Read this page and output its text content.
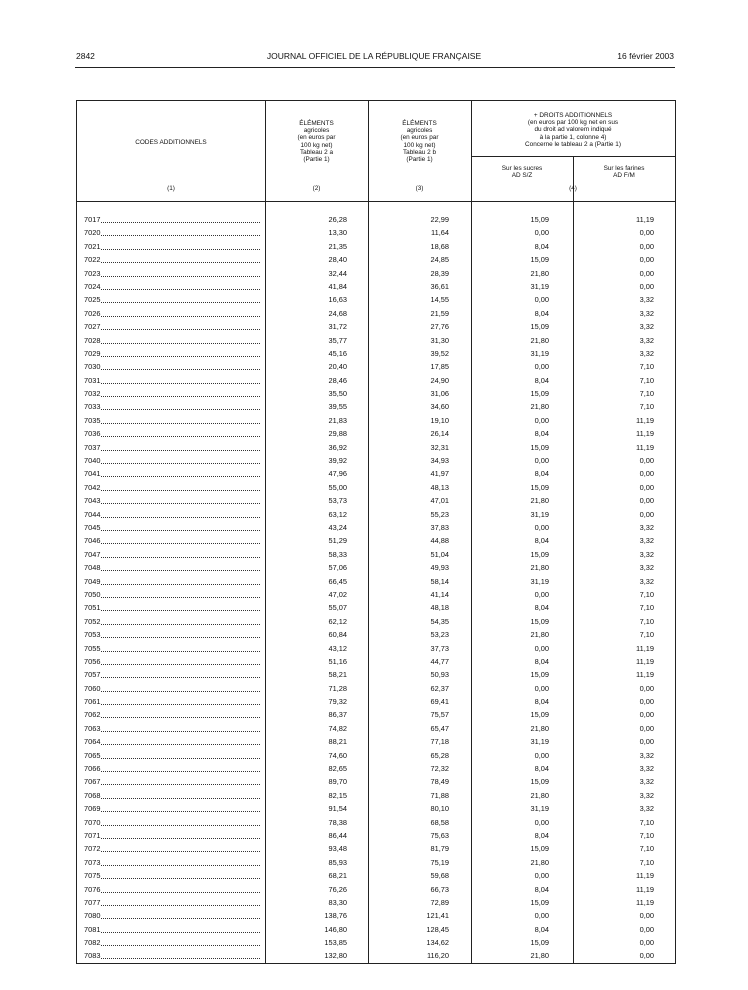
2842	JOURNAL OFFICIEL DE LA RÉPUBLIQUE FRANÇAISE	16 février 2003
CODES ADDITIONNELS
ÉLÉMENTS
agricoles
(en euros par
100 kg net)
Tableau 2 a
(Partie 1)
ÉLÉMENTS
agricoles
(en euros par
100 kg net)
Tableau 2 b
(Partie 1)
+ DROITS ADDITIONNELS
(en euros par 100 kg net en sus
du droit ad valorem indiqué
à la partie 1, colonne 4)
Concerne le tableau 2 a (Partie 1)
Sur les sucres
AD S/Z
Sur les farines
AD F/M
(1)	(2)	(3)	(4)
7017	26,28	22,99	15,09	11,19
7020	13,30	11,64	0,00	0,00
7021	21,35	18,68	8,04	0,00
7022	28,40	24,85	15,09	0,00
7023	32,44	28,39	21,80	0,00
7024	41,84	36,61	31,19	0,00
7025	16,63	14,55	0,00	3,32
7026	24,68	21,59	8,04	3,32
7027	31,72	27,76	15,09	3,32
7028	35,77	31,30	21,80	3,32
7029	45,16	39,52	31,19	3,32
7030	20,40	17,85	0,00	7,10
7031	28,46	24,90	8,04	7,10
7032	35,50	31,06	15,09	7,10
7033	39,55	34,60	21,80	7,10
7035	21,83	19,10	0,00	11,19
7036	29,88	26,14	8,04	11,19
7037	36,92	32,31	15,09	11,19
7040	39,92	34,93	0,00	0,00
7041	47,96	41,97	8,04	0,00
7042	55,00	48,13	15,09	0,00
7043	53,73	47,01	21,80	0,00
7044	63,12	55,23	31,19	0,00
7045	43,24	37,83	0,00	3,32
7046	51,29	44,88	8,04	3,32
7047	58,33	51,04	15,09	3,32
7048	57,06	49,93	21,80	3,32
7049	66,45	58,14	31,19	3,32
7050	47,02	41,14	0,00	7,10
7051	55,07	48,18	8,04	7,10
7052	62,12	54,35	15,09	7,10
7053	60,84	53,23	21,80	7,10
7055	43,12	37,73	0,00	11,19
7056	51,16	44,77	8,04	11,19
7057	58,21	50,93	15,09	11,19
7060	71,28	62,37	0,00	0,00
7061	79,32	69,41	8,04	0,00
7062	86,37	75,57	15,09	0,00
7063	74,82	65,47	21,80	0,00
7064	88,21	77,18	31,19	0,00
7065	74,60	65,28	0,00	3,32
7066	82,65	72,32	8,04	3,32
7067	89,70	78,49	15,09	3,32
7068	82,15	71,88	21,80	3,32
7069	91,54	80,10	31,19	3,32
7070	78,38	68,58	0,00	7,10
7071	86,44	75,63	8,04	7,10
7072	93,48	81,79	15,09	7,10
7073	85,93	75,19	21,80	7,10
7075	68,21	59,68	0,00	11,19
7076	76,26	66,73	8,04	11,19
7077	83,30	72,89	15,09	11,19
7080	138,76	121,41	0,00	0,00
7081	146,80	128,45	8,04	0,00
7082	153,85	134,62	15,09	0,00
7083	132,80	116,20	21,80	0,00
